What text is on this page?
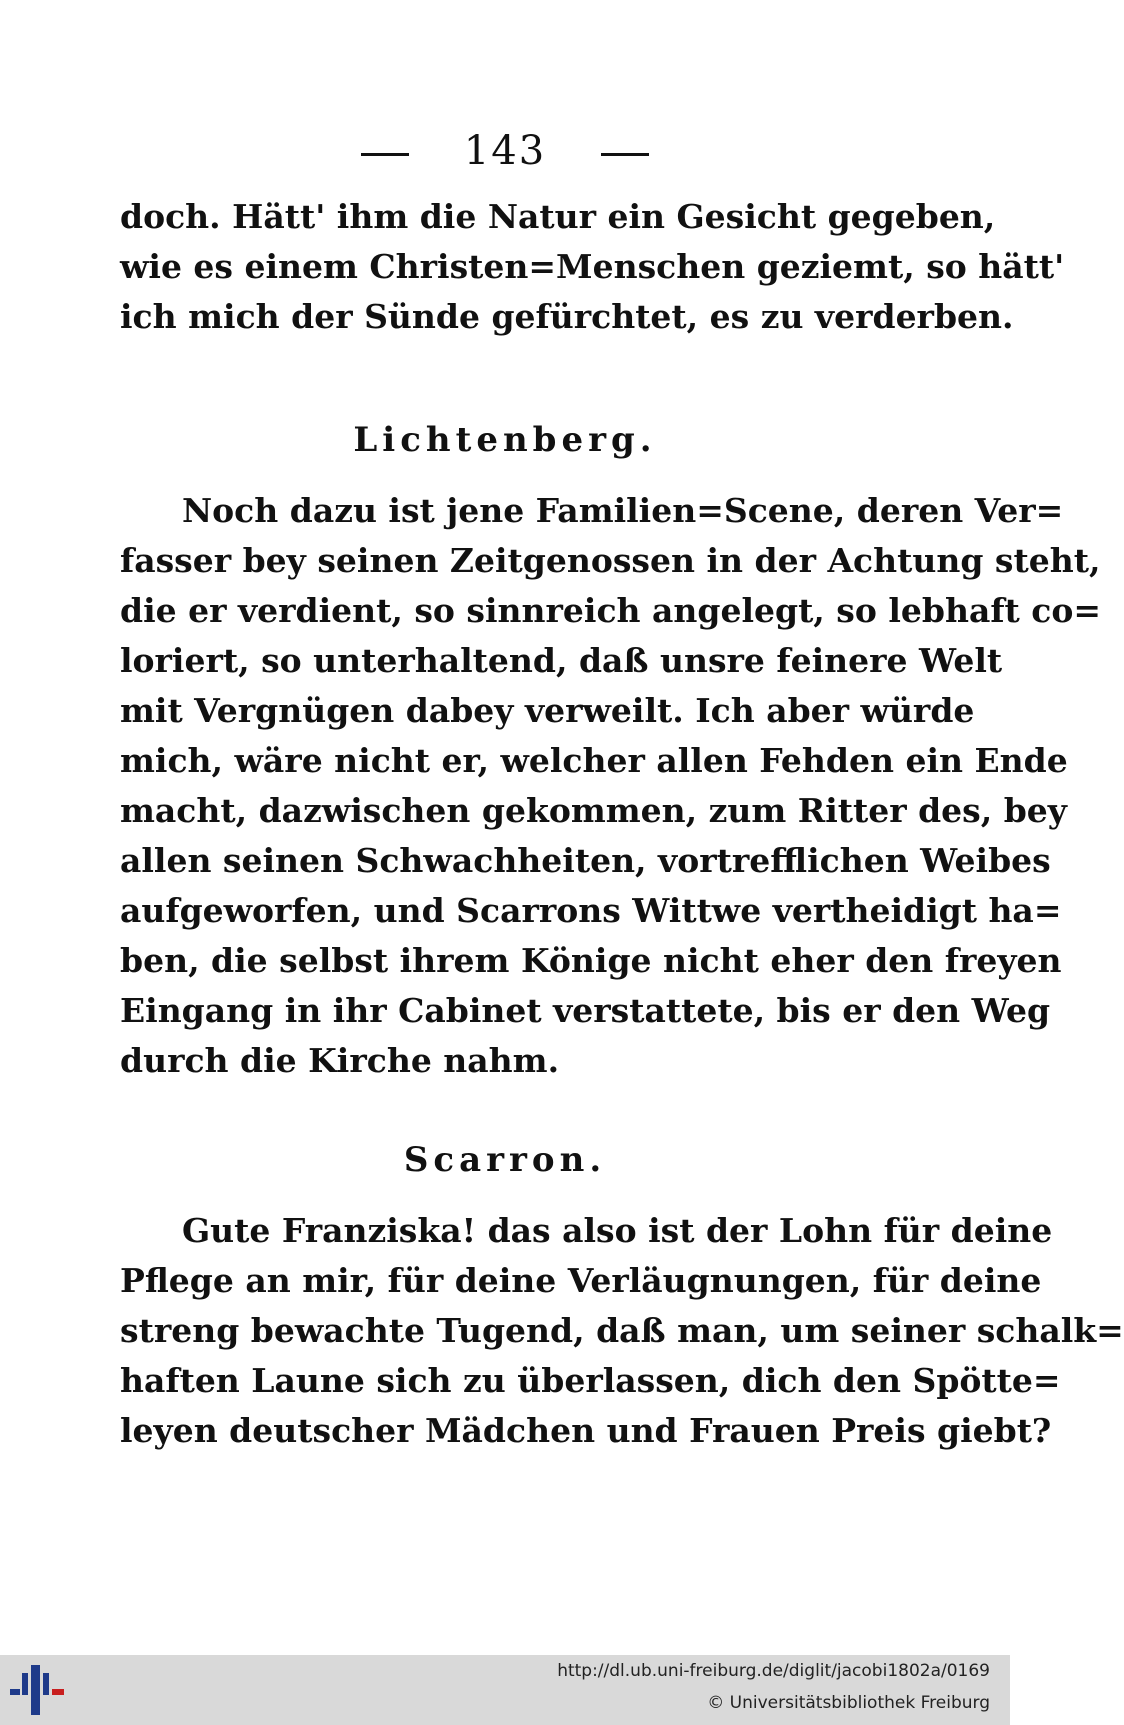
143
doch. Hätt' ihm die Natur ein Gesicht gegeben,
wie es einem Christen=Menschen geziemt, so hätt'
ich mich der Sünde gefürchtet, es zu verderben.
Lichtenberg.
Noch dazu ist jene Familien=Scene, deren Ver=
fasser bey seinen Zeitgenossen in der Achtung steht,
die er verdient, so sinnreich angelegt, so lebhaft co=
loriert, so unterhaltend, daß unsre feinere Welt
mit Vergnügen dabey verweilt. Ich aber würde
mich, wäre nicht er, welcher allen Fehden ein Ende
macht, dazwischen gekommen, zum Ritter des, bey
allen seinen Schwachheiten, vortrefflichen Weibes
aufgeworfen, und Scarrons Wittwe vertheidigt ha=
ben, die selbst ihrem Könige nicht eher den freyen
Eingang in ihr Cabinet verstattete, bis er den Weg
durch die Kirche nahm.
Scarron.
Gute Franziska! das also ist der Lohn für deine
Pflege an mir, für deine Verläugnungen, für deine
streng bewachte Tugend, daß man, um seiner schalk=
haften Laune sich zu überlassen, dich den Spötte=
leyen deutscher Mädchen und Frauen Preis giebt?
http://dl.ub.uni-freiburg.de/diglit/jacobi1802a/0169
© Universitätsbibliothek Freiburg
